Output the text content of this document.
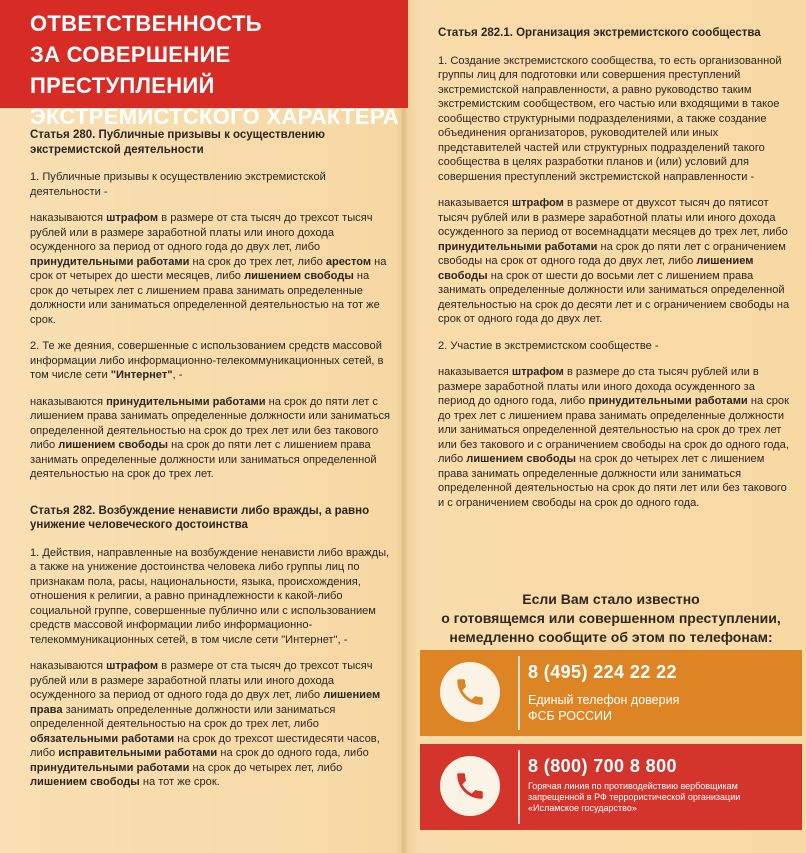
ОТВЕТСТВЕННОСТЬ
ЗА СОВЕРШЕНИЕ ПРЕСТУПЛЕНИЙ
ЭКСТРЕМИСТСКОГО ХАРАКТЕРА
Статья 280. Публичные призывы к осуществлению экстремистской деятельности
1. Публичные призывы к осуществлению экстремистской деятельности -
наказываются штрафом в размере от ста тысяч до трехсот тысяч рублей или в размере заработной платы или иного дохода осужденного за период от одного года до двух лет, либо принудительными работами на срок до трех лет, либо арестом на срок от четырех до шести месяцев, либо лишением свободы на срок до четырех лет с лишением права занимать определенные должности или заниматься определенной деятельностью на тот же срок.
2. Те же деяния, совершенные с использованием средств массовой информации либо информационно-телекоммуникационных сетей, в том числе сети "Интернет", -
наказываются принудительными работами на срок до пяти лет с лишением права занимать определенные должности или заниматься определенной деятельностью на срок до трех лет или без такового либо лишением свободы на срок до пяти лет с лишением права занимать определенные должности или заниматься определенной деятельностью на срок до трех лет.
Статья 282. Возбуждение ненависти либо вражды, а равно унижение человеческого достоинства
1. Действия, направленные на возбуждение ненависти либо вражды, а также на унижение достоинства человека либо группы лиц по признакам пола, расы, национальности, языка, происхождения, отношения к религии, а равно принадлежности к какой-либо социальной группе, совершенные публично или с использованием средств массовой информации либо информационно-телекоммуникационных сетей, в том числе сети "Интернет", -
наказываются штрафом в размере от ста тысяч до трехсот тысяч рублей или в размере заработной платы или иного дохода осужденного за период от одного года до двух лет, либо лишением права занимать определенные должности или заниматься определенной деятельностью на срок до трех лет, либо обязательными работами на срок до трехсот шестидесяти часов, либо исправительными работами на срок до одного года, либо принудительными работами на срок до четырех лет, либо лишением свободы на тот же срок.
Статья 282.1. Организация экстремистского сообщества
1. Создание экстремистского сообщества, то есть организованной группы лиц для подготовки или совершения преступлений экстремистской направленности, а равно руководство таким экстремистским сообществом, его частью или входящими в такое сообщество структурными подразделениями, а также создание объединения организаторов, руководителей или иных представителей частей или структурных подразделений такого сообщества в целях разработки планов и (или) условий для совершения преступлений экстремистской направленности -
наказывается штрафом в размере от двухсот тысяч до пятисот тысяч рублей или в размере заработной платы или иного дохода осужденного за период от восемнадцати месяцев до трех лет, либо принудительными работами на срок до пяти лет с ограничением свободы на срок от одного года до двух лет, либо лишением свободы на срок от шести до восьми лет с лишением права занимать определенные должности или заниматься определенной деятельностью на срок до десяти лет и с ограничением свободы на срок от одного года до двух лет.
2. Участие в экстремистском сообществе -
наказывается штрафом в размере до ста тысяч рублей или в размере заработной платы или иного дохода осужденного за период до одного года, либо принудительными работами на срок до трех лет с лишением права занимать определенные должности или заниматься определенной деятельностью на срок до трех лет или без такового и с ограничением свободы на срок до одного года, либо лишением свободы на срок до четырех лет с лишением права занимать определенные должности или заниматься определенной деятельностью на срок до пяти лет или без такового и с ограничением свободы на срок до одного года.
Если Вам стало известно
о готовящемся или совершенном преступлении,
немедленно сообщите об этом по телефонам:
8 (495) 224 22 22
Единый телефон доверия
ФСБ РОССИИ
8 (800) 700 8 800
Горячая линия по противодействию вербовщикам
запрещенной в РФ террористической организации
«Исламское государство»
